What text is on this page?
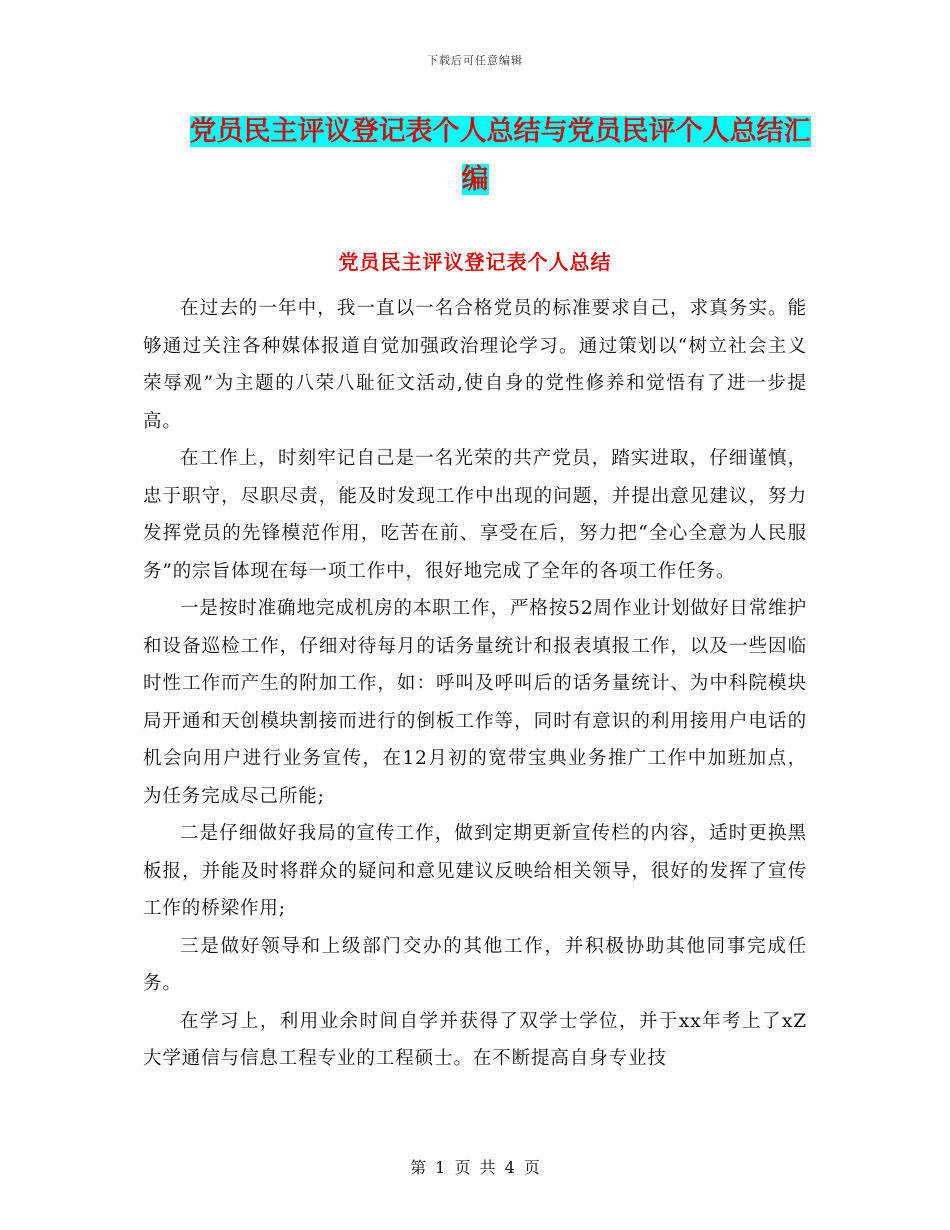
下载后可任意编辑
党员民主评议登记表个人总结与党员民评个人总结汇
编
党员民主评议登记表个人总结

在过去的一年中，我一直以一名合格党员的标准要求自己，求真务实。能够通过关注各种媒体报道自觉加强政治理论学习。通过策划以“树立社会主义荣辱观”为主题的八荣八耻征文活动,使自身的党性修养和觉悟有了进一步提高。

在工作上，时刻牢记自己是一名光荣的共产党员，踏实进取，仔细谨慎，忠于职守，尽职尽责，能及时发现工作中出现的问题，并提出意见建议，努力发挥党员的先锋模范作用，吃苦在前、享受在后，努力把“全心全意为人民服务”的宗旨体现在每一项工作中，很好地完成了全年的各项工作任务。

一是按时准确地完成机房的本职工作，严格按52周作业计划做好日常维护和设备巡检工作，仔细对待每月的话务量统计和报表填报工作，以及一些因临时性工作而产生的附加工作，如：呼叫及呼叫后的话务量统计、为中科院模块局开通和天创模块割接而进行的倒板工作等，同时有意识的利用接用户电话的机会向用户进行业务宣传，在12月初的宽带宝典业务推广工作中加班加点，为任务完成尽己所能;

二是仔细做好我局的宣传工作，做到定期更新宣传栏的内容，适时更换黑板报，并能及时将群众的疑问和意见建议反映给相关领导，很好的发挥了宣传工作的桥梁作用;

三是做好领导和上级部门交办的其他工作，并积极协助其他同事完成任务。

在学习上，利用业余时间自学并获得了双学士学位，并于xx年考上了xZ大学通信与信息工程专业的工程硕士。在不断提高自身专业技

第 1 页 共 4 页
